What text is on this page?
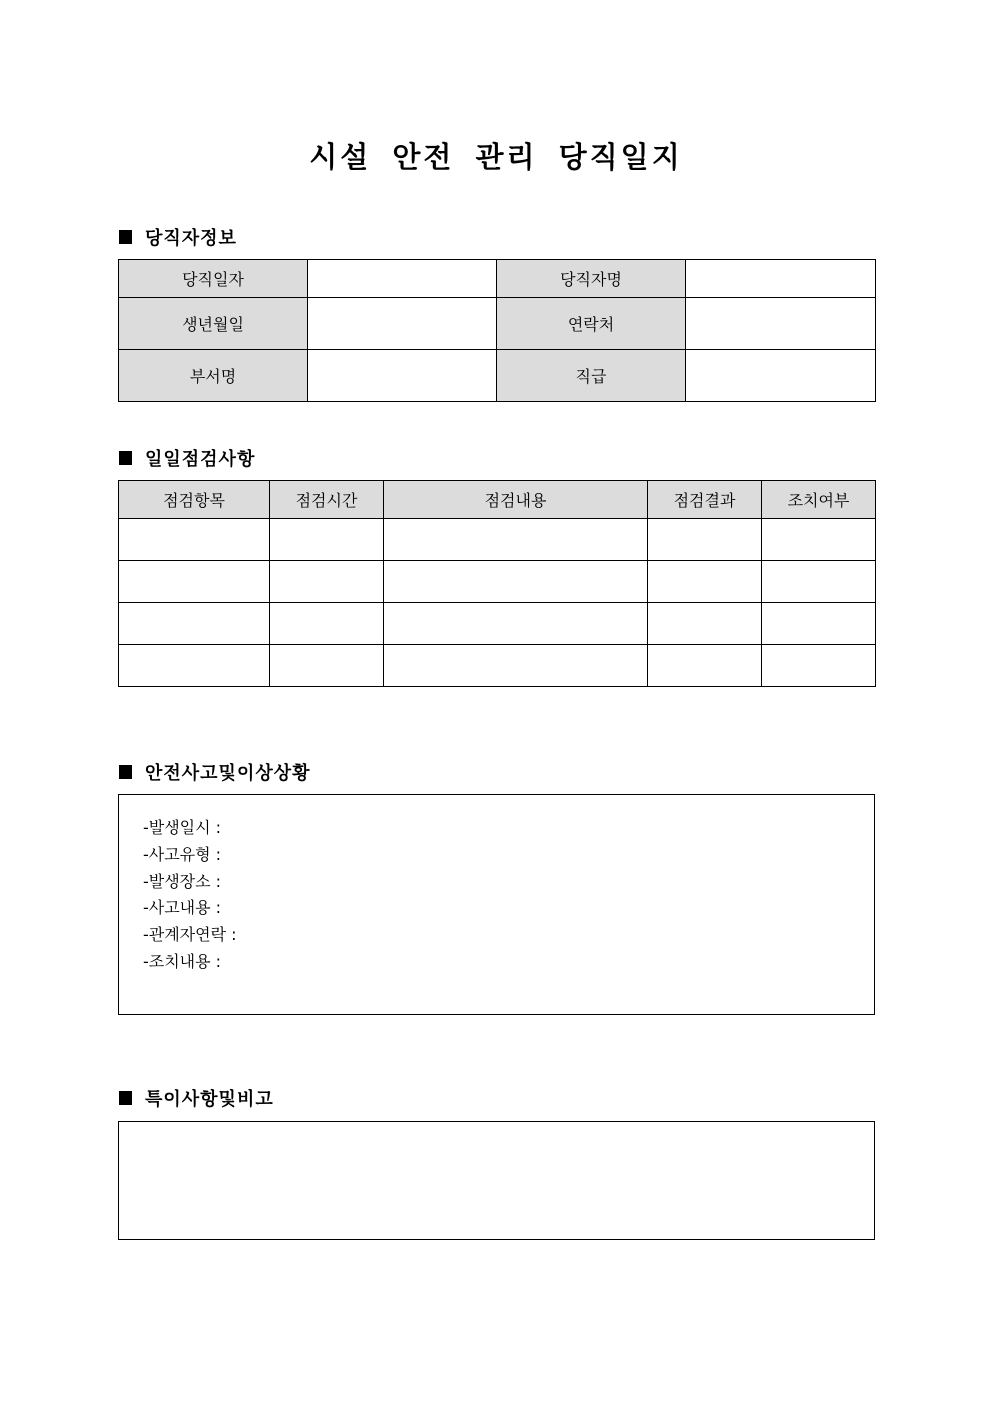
시설 안전 관리 당직일지
당직자정보
당직일자		당직자명	
생년월일		연락처	
부서명		직급	
일일점검사항
점검항목	점검시간	점검내용	점검결과	조치여부

안전사고및이상상황
-발생일시 :
-사고유형 :
-발생장소 :
-사고내용 :
-관계자연락 :
-조치내용 :
특이사항및비고
